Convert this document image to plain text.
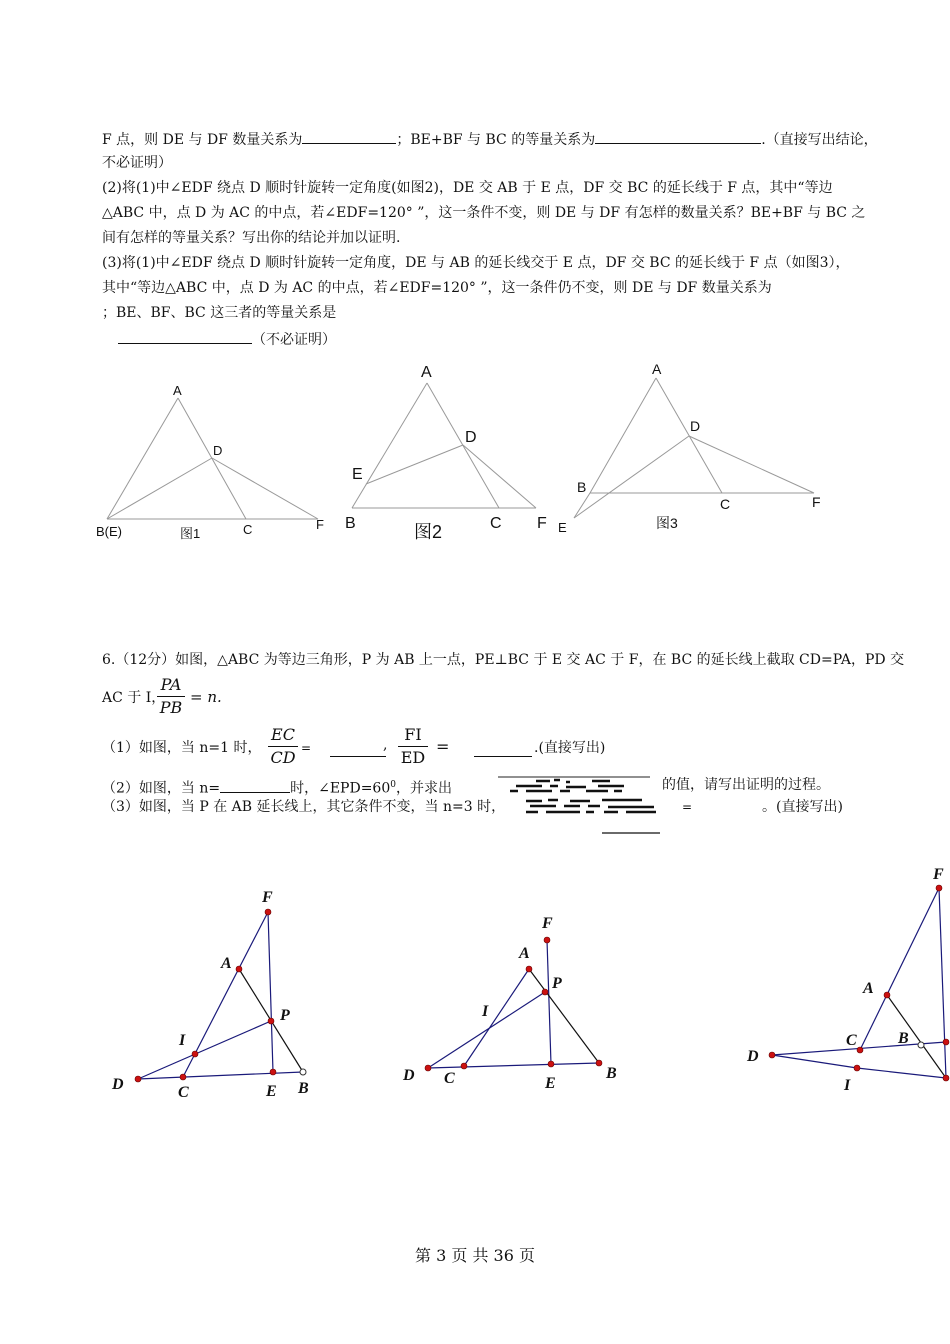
F 点，则 DE 与 DF 数量关系为	；BE+BF 与 BC 的等量关系为	.（直接写出结论，
不必证明）
(2)将(1)中∠EDF 绕点 D 顺时针旋转一定角度(如图2)，DE 交 AB 于 E 点，DF 交 BC 的延长线于 F 点，其中“等边
△ABC 中，点 D 为 AC 的中点，若∠EDF=120° ”，这一条件不变，则 DE 与 DF 有怎样的数量关系？BE+BF 与 BC 之
间有怎样的等量关系？写出你的结论并加以证明.
(3)将(1)中∠EDF 绕点 D 顺时针旋转一定角度，DE 与 AB 的延长线交于 E 点，DF 交 BC 的延长线于 F 点（如图3），
其中“等边△ABC 中，点 D 为 AC 的中点，若∠EDF=120° ”，这一条件仍不变，则 DE 与 DF 数量关系为
；BE、BF、BC 这三者的等量关系是
（不必证明）
A
D
B(E)	图1	C	F
A
D
E
B	C F
图2
A
D
B
C	F
E	图3
6.（12分）如图，△ABC 为等边三角形，P 为 AB 上一点，PE⊥BC 于 E 交 AC 于 F，在 BC 的延长线上截取 CD=PA，PD 交
AC 于 I，
PA
PB
= n.
（1）如图，当 n=1 时，
EC
CD =	,
FI
ED
=	.(直接写出)
（2）如图，当 n=	时，$\angle EPD=60^0$，并求出	的值，请写出证明的过程。
（3）如图，当 P 在 AB 延长线上，其它条件不变，当 n=3 时，	=	。(直接写出)
F
A
P
I
D	C	E B
F
A
P
I
D C	E
B
F
A
C	B
D
I
第 3 页 共 36 页
